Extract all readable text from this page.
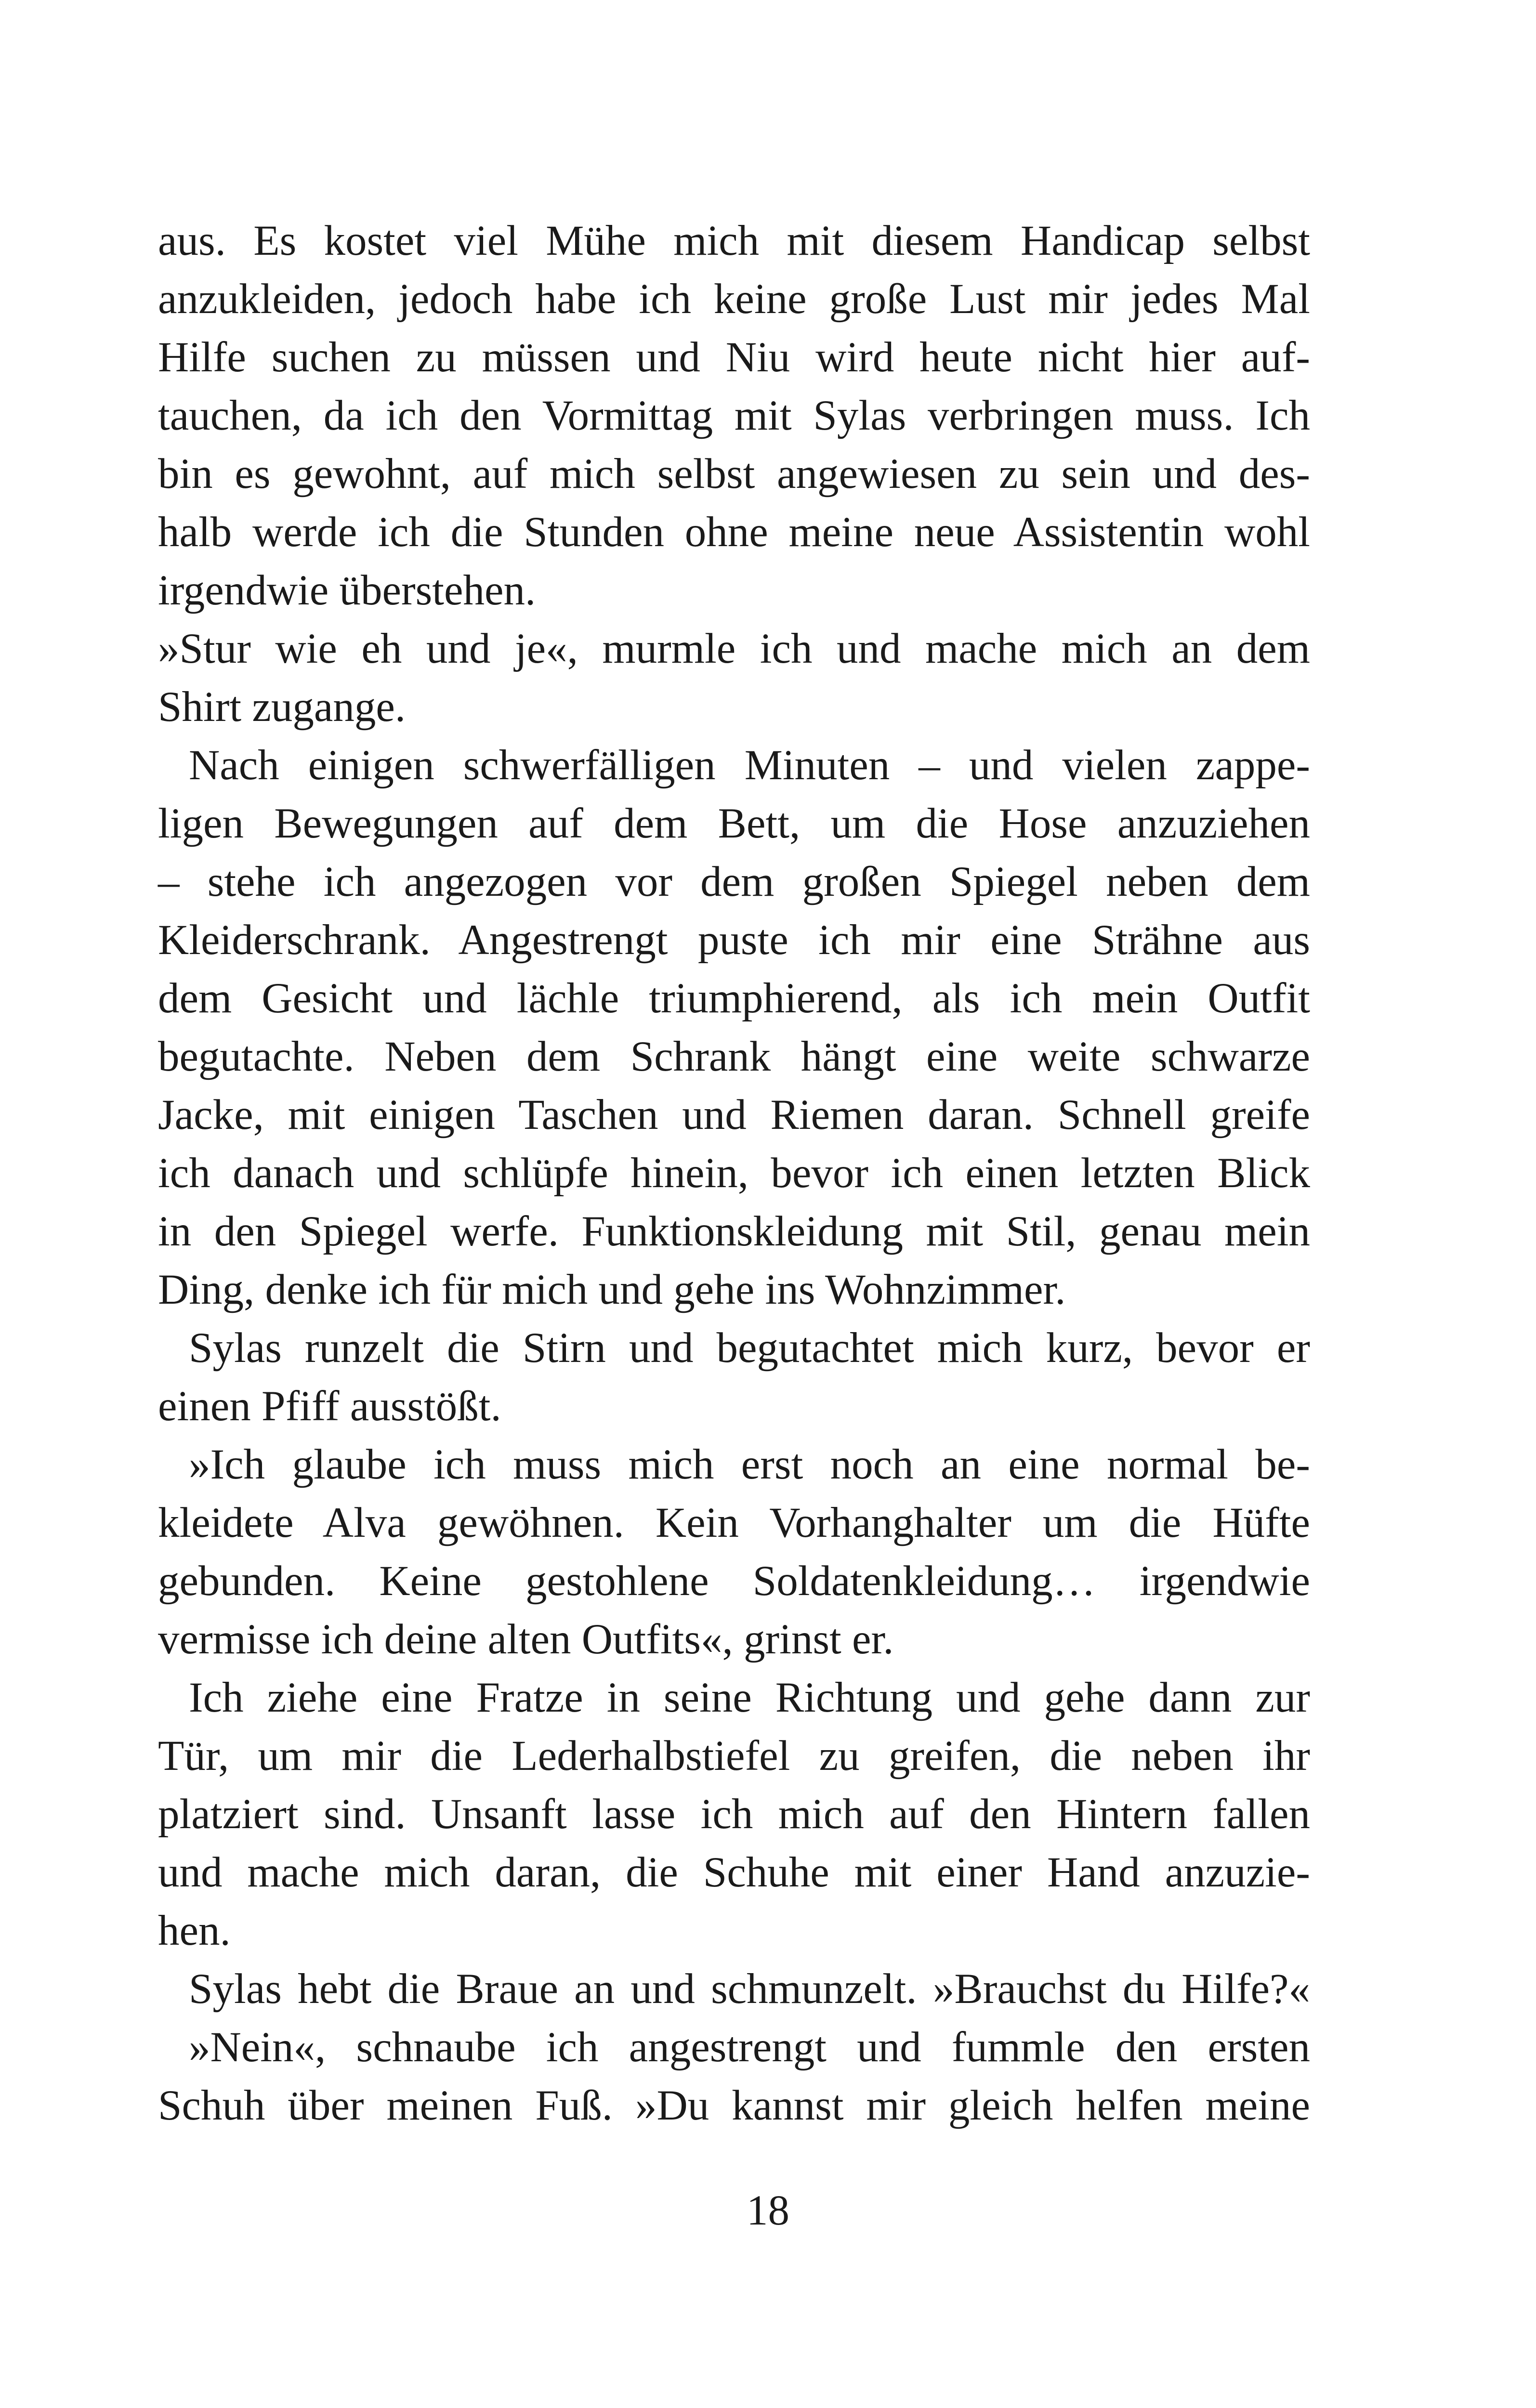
aus. Es kostet viel Mühe mich mit diesem Handicap selbst
anzukleiden, jedoch habe ich keine große Lust mir jedes Mal
Hilfe suchen zu müssen und Niu wird heute nicht hier auf-
tauchen, da ich den Vormittag mit Sylas verbringen muss. Ich
bin es gewohnt, auf mich selbst angewiesen zu sein und des-
halb werde ich die Stunden ohne meine neue Assistentin wohl
irgendwie überstehen.
»Stur wie eh und je«, murmle ich und mache mich an dem
Shirt zugange.
Nach einigen schwerfälligen Minuten – und vielen zappe-
ligen Bewegungen auf dem Bett, um die Hose anzuziehen
– stehe ich angezogen vor dem großen Spiegel neben dem
Kleiderschrank. Angestrengt puste ich mir eine Strähne aus
dem Gesicht und lächle triumphierend, als ich mein Outfit
begutachte. Neben dem Schrank hängt eine weite schwarze
Jacke, mit einigen Taschen und Riemen daran. Schnell greife
ich danach und schlüpfe hinein, bevor ich einen letzten Blick
in den Spiegel werfe. Funktionskleidung mit Stil, genau mein
Ding, denke ich für mich und gehe ins Wohnzimmer.
Sylas runzelt die Stirn und begutachtet mich kurz, bevor er
einen Pfiff ausstößt.
»Ich glaube ich muss mich erst noch an eine normal be-
kleidete Alva gewöhnen. Kein Vorhanghalter um die Hüfte
gebunden. Keine gestohlene Soldatenkleidung… irgendwie
vermisse ich deine alten Outfits«, grinst er.
Ich ziehe eine Fratze in seine Richtung und gehe dann zur
Tür, um mir die Lederhalbstiefel zu greifen, die neben ihr
platziert sind. Unsanft lasse ich mich auf den Hintern fallen
und mache mich daran, die Schuhe mit einer Hand anzuzie-
hen.
Sylas hebt die Braue an und schmunzelt. »Brauchst du Hilfe?«
»Nein«, schnaube ich angestrengt und fummle den ersten
Schuh über meinen Fuß. »Du kannst mir gleich helfen meine
18
